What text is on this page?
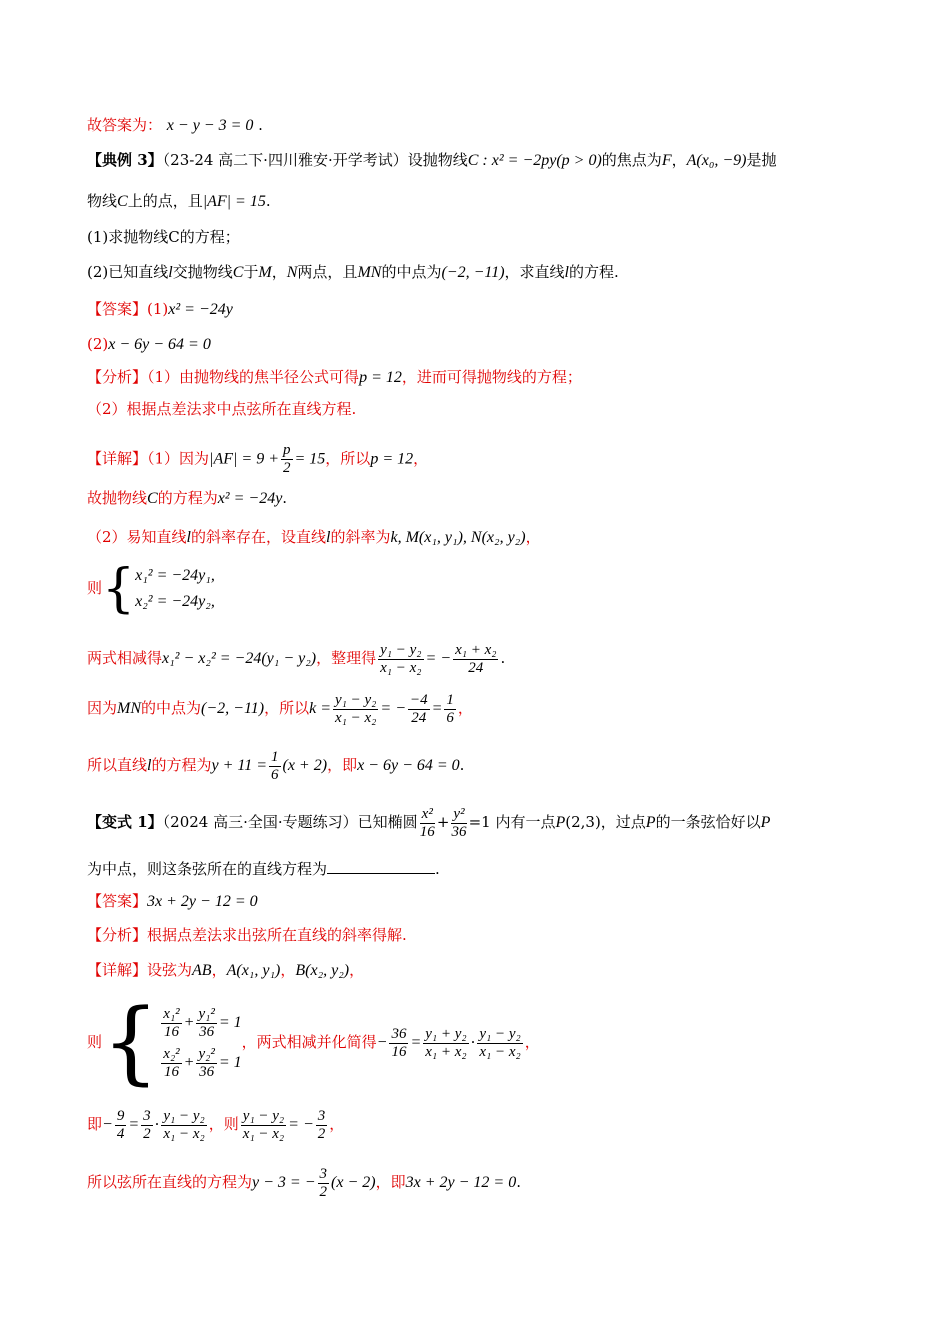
故答案为： x − y − 3 = 0 .
【典例 3】（23-24 高二下·四川雅安·开学考试）设抛物线C : x² = −2py(p > 0)的焦点为F，A(x₀, −9)是抛
物线C上的点，且|AF| = 15.
(1)求抛物线C的方程；
(2)已知直线l交抛物线C于M，N两点，且MN的中点为(−2, −11)，求直线l的方程.
【答案】(1)x² = −24y
(2)x − 6y − 64 = 0
【分析】（1）由抛物线的焦半径公式可得p = 12，进而可得抛物线的方程；
（2）根据点差法求中点弦所在直线方程.
【详解】（1）因为$|AF| = 9 + \frac{p}{2} = 15$，所以p = 12，
故抛物线C的方程为x² = −24y.
（2）易知直线l的斜率存在，设直线l的斜率为k, M(x₁, y₁), N(x₂, y₂)，
则{ x₁² = −24y₁,
x₂² = −24y₂,
两式相减得x₁² − x₂² = −24(y₁ − y₂)，整理得 $\frac{\text{y₁ − y₂}}{\text{x₁ − x₂}}$ = − $\frac{\text{x₁ + x₂}}{24}$ .
因为MN的中点为(−2, −11)，所以$k = \frac{\text{y₁ − y₂}}{\text{x₁ − x₂}}$ = − $\frac{-4}{24} = \frac{1}{6}$ ，
所以直线l的方程为$y + 11 = \frac{1}{6} (x + 2)$，即x − 6y − 64 = 0.
【变式 1】（2024 高三·全国·专题练习）已知椭圆 $\frac{\text{x²}}{16} + \frac{\text{y²}}{36} =1$ 内有一点P(2,3)，过点P的一条弦恰好以P
为中点，则这条弦所在的直线方程为	.
【答案】3x + 2y − 12 = 0
【分析】根据点差法求出弦所在直线的斜率得解.
【详解】设弦为AB，A(x₁, y₁)，B(x₂, y₂)，
则{ $\frac{\text{x₁²}}{16} + \frac{\text{y₁²}}{36} = 1$
$\frac{\text{x₂²}}{16} + \frac{\text{y₂²}}{36} = 1$
，两式相减并化简得− $\frac{36}{16} = \frac{\text{y₁ + y₂}}{\text{x₁ + x₂}} \cdot \frac{\text{y₁ − y₂}}{\text{x₁ − x₂}}$ ，
即− $\frac{9}{4} = \frac{3}{2} \cdot \frac{\text{y₁ − y₂}}{\text{x₁ − x₂}}$ ，则 $\frac{\text{y₁ − y₂}}{\text{x₁ − x₂}}$ = − $\frac{3}{2}$ ，
所以弦所在直线的方程为y − 3 = − $\frac{3}{2} (x - 2)$，即3x + 2y − 12 = 0.
